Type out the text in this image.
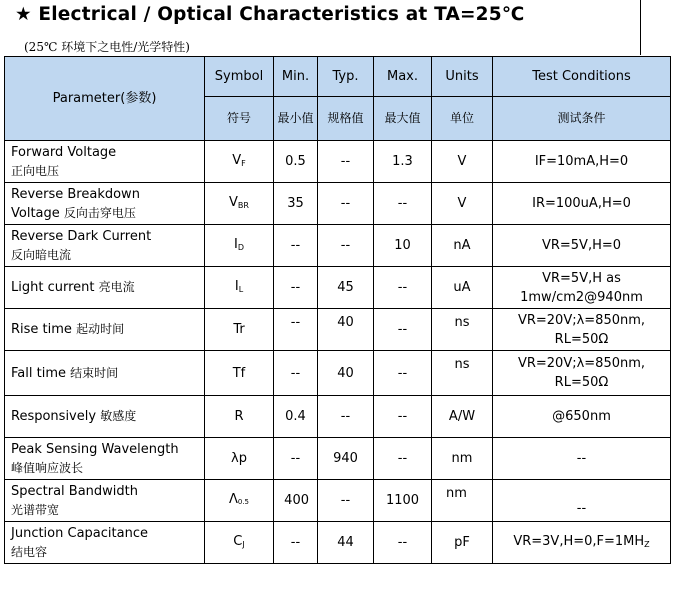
★ Electrical / Optical Characteristics at TA=25℃
(25℃ 环境下之电性/光学特性)
Parameter(参数)	Symbol	Min.	Typ.	Max.	Units	Test Conditions
	符号	最小值	规格值	最大值	单位	测试条件
Forward Voltage
正向电压	$V_F$	0.5	--	1.3	V	IF=10mA,H=0
Reverse Breakdown
Voltage 反向击穿电压	$V_{BR}$	35	--	--	V	IR=100uA,H=0
Reverse Dark Current
反向暗电流	$I_D$	--	--	10	nA	VR=5V,H=0
Light current 亮电流	$I_L$	--	45	--	uA	VR=5V,H as
1mw/cm2@940nm
Rise time 起动时间	Tr	--	40	--	ns	VR=20V;λ=850nm,
RL=50Ω
Fall time 结束时间	Tf	--	40	--	ns	VR=20V;λ=850nm,
RL=50Ω
Responsively 敏感度	R	0.4	--	--	A/W	@650nm
Peak Sensing Wavelength
峰值响应波长	λp	--	940	--	nm	--
Spectral Bandwidth
光谱带宽	$\Lambda_{0.5}$	400	--	1100	nm	--
Junction Capacitance
结电容	$C_J$	--	44	--	pF	$VR=3V,H=0,F=1MH_Z$
